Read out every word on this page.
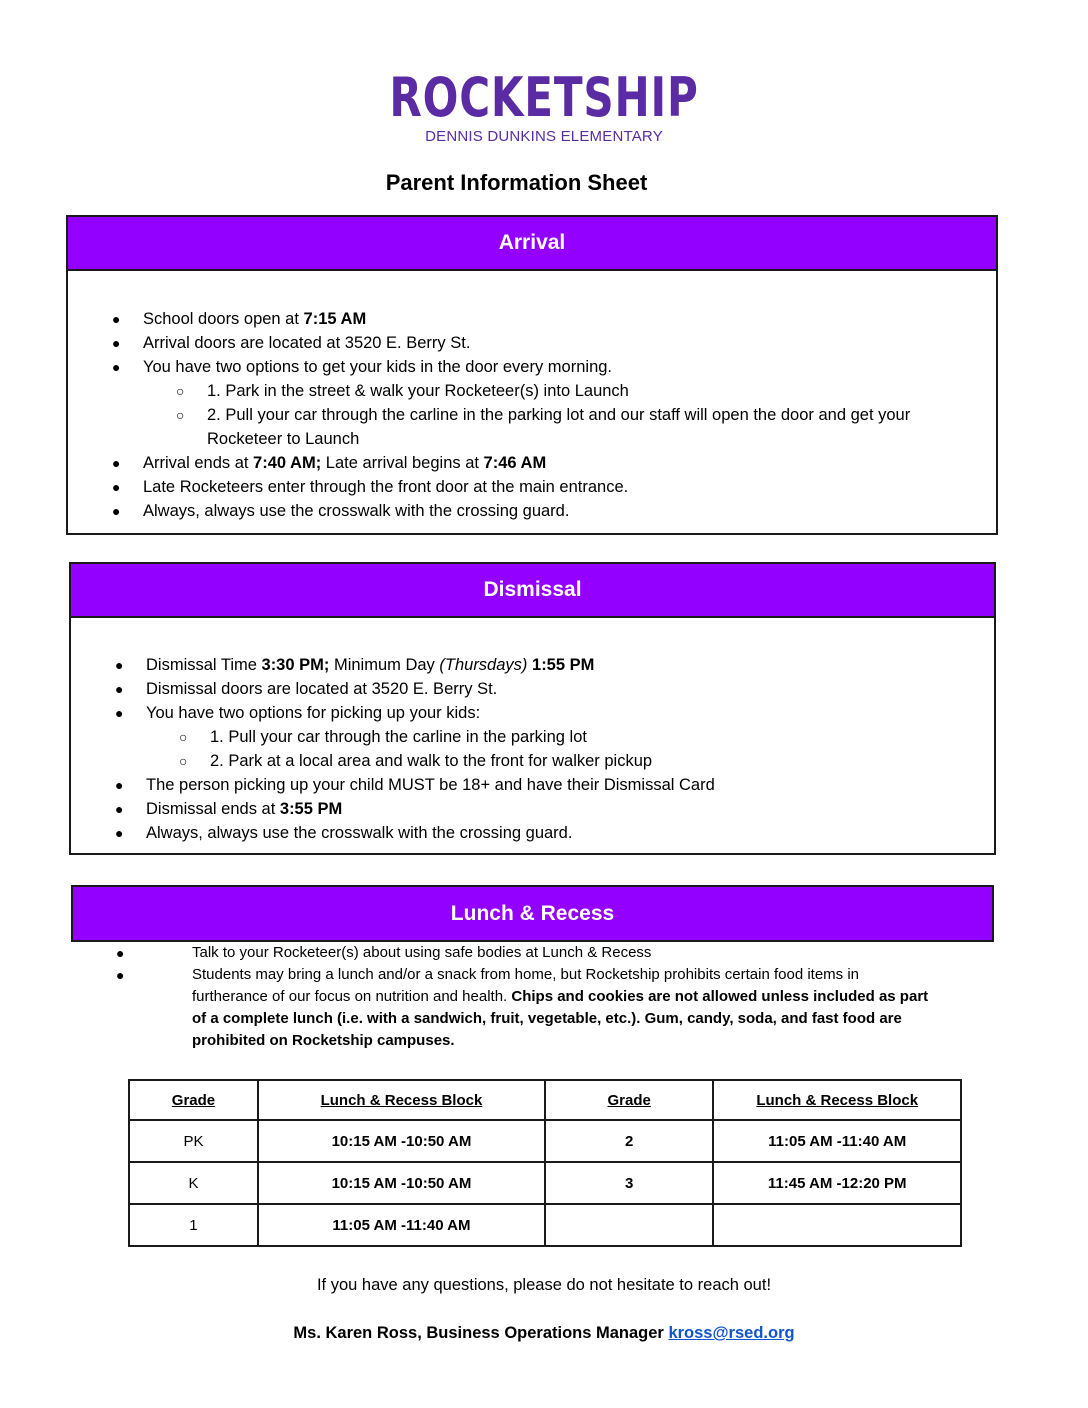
ROCKETSHIP
DENNIS DUNKINS ELEMENTARY
Parent Information Sheet
Arrival
● School doors open at 7:15 AM
● Arrival doors are located at 3520 E. Berry St.
● You have two options to get your kids in the door every morning.
○ 1. Park in the street & walk your Rocketeer(s) into Launch
○ 2. Pull your car through the carline in the parking lot and our staff will open the door and get your Rocketeer to Launch
● Arrival ends at 7:40 AM; Late arrival begins at 7:46 AM
● Late Rocketeers enter through the front door at the main entrance.
● Always, always use the crosswalk with the crossing guard.
Dismissal
● Dismissal Time 3:30 PM; Minimum Day (Thursdays) 1:55 PM
● Dismissal doors are located at 3520 E. Berry St.
● You have two options for picking up your kids:
○ 1. Pull your car through the carline in the parking lot
○ 2. Park at a local area and walk to the front for walker pickup
● The person picking up your child MUST be 18+ and have their Dismissal Card
● Dismissal ends at 3:55 PM
● Always, always use the crosswalk with the crossing guard.
Lunch & Recess
●	Talk to your Rocketeer(s) about using safe bodies at Lunch & Recess
●	Students may bring a lunch and/or a snack from home, but Rocketship prohibits certain food items in furtherance of our focus on nutrition and health. Chips and cookies are not allowed unless included as part of a complete lunch (i.e. with a sandwich, fruit, vegetable, etc.). Gum, candy, soda, and fast food are prohibited on Rocketship campuses.
Grade	Lunch & Recess Block	Grade	Lunch & Recess Block
PK	10:15 AM -10:50 AM	2	11:05 AM -11:40 AM
K	10:15 AM -10:50 AM	3	11:45 AM -12:20 PM
1	11:05 AM -11:40 AM		
If you have any questions, please do not hesitate to reach out!
Ms. Karen Ross, Business Operations Manager kross@rsed.org
